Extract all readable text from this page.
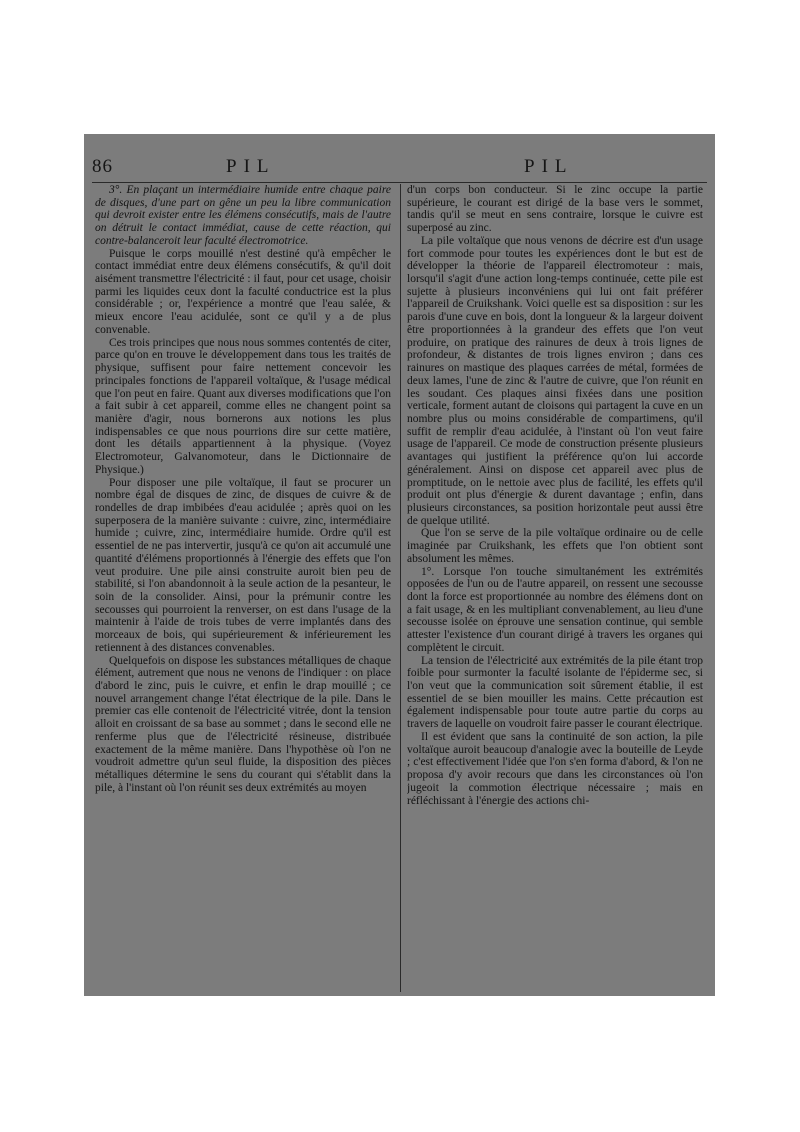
86	PIL	PIL

3°. En plaçant un intermédiaire humide entre chaque paire de disques, d'une part on gêne un peu la libre communication qui devroit exister entre les élémens consécutifs, mais de l'autre on détruit le contact immédiat, cause de cette réaction, qui contre-balanceroit leur faculté électromotrice.

Puisque le corps mouillé n'est destiné qu'à empêcher le contact immédiat entre deux élémens consécutifs, & qu'il doit aisément transmettre l'électricité : il faut, pour cet usage, choisir parmi les liquides ceux dont la faculté conductrice est la plus considérable ; or, l'expérience a montré que l'eau salée, & mieux encore l'eau acidulée, sont ce qu'il y a de plus convenable.

Ces trois principes que nous nous sommes contentés de citer, parce qu'on en trouve le développement dans tous les traités de physique, suffisent pour faire nettement concevoir les principales fonctions de l'appareil voltaïque, & l'usage médical que l'on peut en faire. Quant aux diverses modifications que l'on a fait subir à cet appareil, comme elles ne changent point sa manière d'agir, nous bornerons aux notions les plus indispensables ce que nous pourrions dire sur cette matière, dont les détails appartiennent à la physique. (Voyez Electromoteur, Galvanomoteur, dans le Dictionnaire de Physique.)

Pour disposer une pile voltaïque, il faut se procurer un nombre égal de disques de zinc, de disques de cuivre & de rondelles de drap imbibées d'eau acidulée ; après quoi on les superposera de la manière suivante : cuivre, zinc, intermédiaire humide ; cuivre, zinc, intermédiaire humide. Ordre qu'il est essentiel de ne pas intervertir, jusqu'à ce qu'on ait accumulé une quantité d'élémens proportionnés à l'énergie des effets que l'on veut produire. Une pile ainsi construite auroit bien peu de stabilité, si l'on abandonnoit à la seule action de la pesanteur, le soin de la consolider. Ainsi, pour la prémunir contre les secousses qui pourroient la renverser, on est dans l'usage de la maintenir à l'aide de trois tubes de verre implantés dans des morceaux de bois, qui supérieurement & inférieurement les retiennent à des distances convenables.

Quelquefois on dispose les substances métalliques de chaque élément, autrement que nous ne venons de l'indiquer : on place d'abord le zinc, puis le cuivre, et enfin le drap mouillé ; ce nouvel arrangement change l'état électrique de la pile. Dans le premier cas elle contenoit de l'électricité vitrée, dont la tension alloit en croissant de sa base au sommet ; dans le second elle ne renferme plus que de l'électricité résineuse, distribuée exactement de la même manière. Dans l'hypothèse où l'on ne voudroit admettre qu'un seul fluide, la disposition des pièces métalliques détermine le sens du courant qui s'établit dans la pile, à l'instant où l'on réunit ses deux extrémités au moyen

d'un corps bon conducteur. Si le zinc occupe la partie supérieure, le courant est dirigé de la base vers le sommet, tandis qu'il se meut en sens contraire, lorsque le cuivre est superposé au zinc.

La pile voltaïque que nous venons de décrire est d'un usage fort commode pour toutes les expériences dont le but est de développer la théorie de l'appareil électromoteur : mais, lorsqu'il s'agit d'une action long-temps continuée, cette pile est sujette à plusieurs inconvéniens qui lui ont fait préférer l'appareil de Cruikshank. Voici quelle est sa disposition : sur les parois d'une cuve en bois, dont la longueur & la largeur doivent être proportionnées à la grandeur des effets que l'on veut produire, on pratique des rainures de deux à trois lignes de profondeur, & distantes de trois lignes environ ; dans ces rainures on mastique des plaques carrées de métal, formées de deux lames, l'une de zinc & l'autre de cuivre, que l'on réunit en les soudant. Ces plaques ainsi fixées dans une position verticale, forment autant de cloisons qui partagent la cuve en un nombre plus ou moins considérable de compartimens, qu'il suffit de remplir d'eau acidulée, à l'instant où l'on veut faire usage de l'appareil. Ce mode de construction présente plusieurs avantages qui justifient la préférence qu'on lui accorde généralement. Ainsi on dispose cet appareil avec plus de promptitude, on le nettoie avec plus de facilité, les effets qu'il produit ont plus d'énergie & durent davantage ; enfin, dans plusieurs circonstances, sa position horizontale peut aussi être de quelque utilité.

Que l'on se serve de la pile voltaïque ordinaire ou de celle imaginée par Cruikshank, les effets que l'on obtient sont absolument les mêmes.

1°. Lorsque l'on touche simultanément les extrémités opposées de l'un ou de l'autre appareil, on ressent une secousse dont la force est proportionnée au nombre des élémens dont on a fait usage, & en les multipliant convenablement, au lieu d'une secousse isolée on éprouve une sensation continue, qui semble attester l'existence d'un courant dirigé à travers les organes qui complètent le circuit.

La tension de l'électricité aux extrémités de la pile étant trop foible pour surmonter la faculté isolante de l'épiderme sec, si l'on veut que la communication soit sûrement établie, il est essentiel de se bien mouiller les mains. Cette précaution est également indispensable pour toute autre partie du corps au travers de laquelle on voudroit faire passer le courant électrique.

Il est évident que sans la continuité de son action, la pile voltaïque auroit beaucoup d'analogie avec la bouteille de Leyde ; c'est effectivement l'idée que l'on s'en forma d'abord, & l'on ne proposa d'y avoir recours que dans les circonstances où l'on jugeoit la commotion électrique nécessaire ; mais en réfléchissant à l'énergie des actions chi-
